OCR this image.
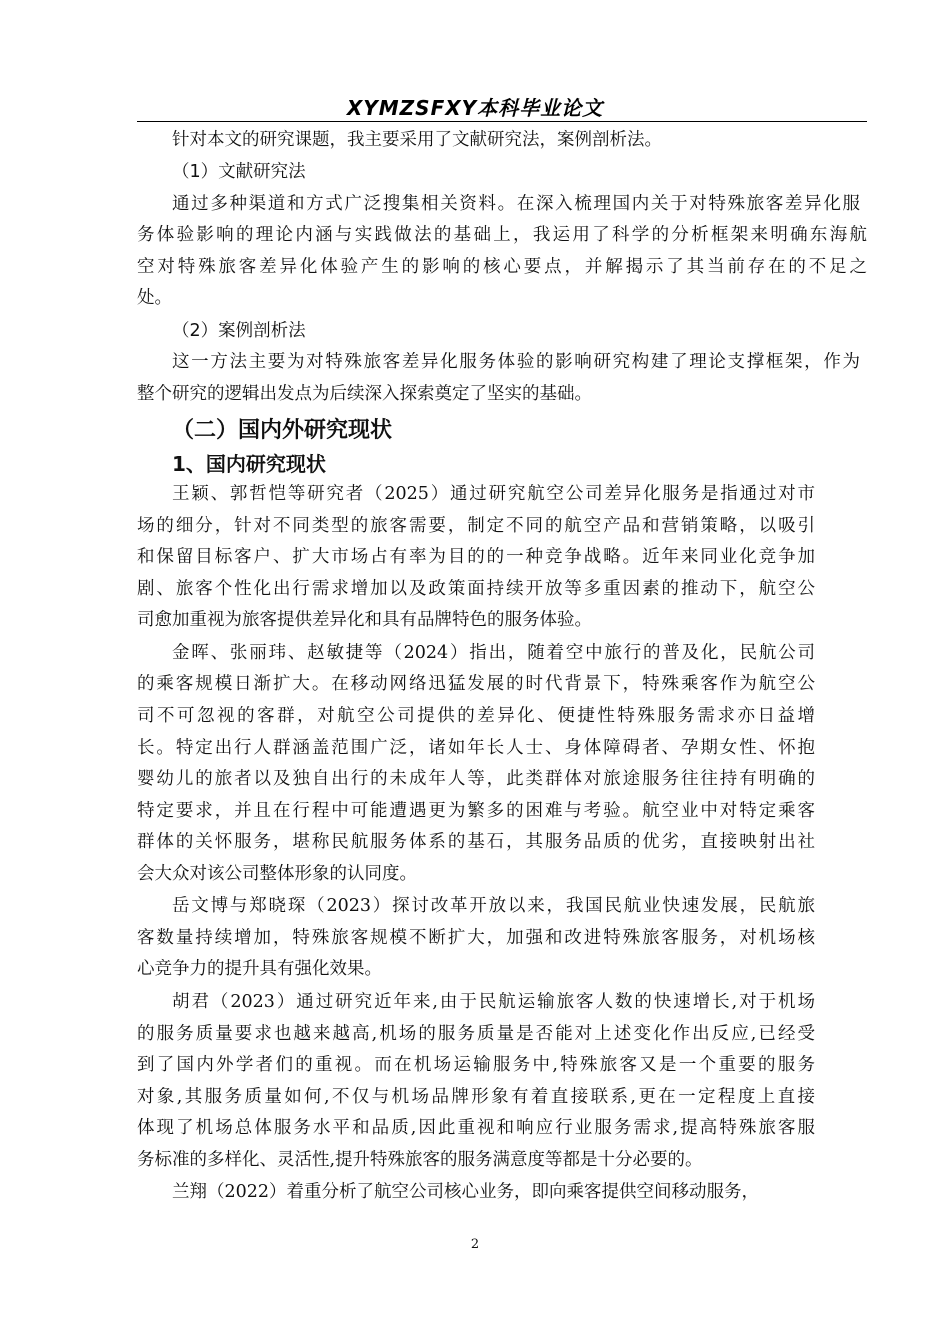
XYMZSFXY本科毕业论文
针对本文的研究课题，我主要采用了文献研究法，案例剖析法。
（1）文献研究法
通过多种渠道和方式广泛搜集相关资料。在深入梳理国内关于对特殊旅客差异化服
务体验影响的理论内涵与实践做法的基础上，我运用了科学的分析框架来明确东海航
空对特殊旅客差异化体验产生的影响的核心要点，并解揭示了其当前存在的不足之
处。
（2）案例剖析法
这一方法主要为对特殊旅客差异化服务体验的影响研究构建了理论支撑框架，作为
整个研究的逻辑出发点为后续深入探索奠定了坚实的基础。
（二）国内外研究现状
1、国内研究现状
王颖、郭哲恺等研究者（2025）通过研究航空公司差异化服务是指通过对市
场的细分，针对不同类型的旅客需要，制定不同的航空产品和营销策略，以吸引
和保留目标客户、扩大市场占有率为目的的一种竞争战略。近年来同业化竞争加
剧、旅客个性化出行需求增加以及政策面持续开放等多重因素的推动下，航空公
司愈加重视为旅客提供差异化和具有品牌特色的服务体验。
金晖、张丽玮、赵敏捷等（2024）指出，随着空中旅行的普及化，民航公司
的乘客规模日渐扩大。在移动网络迅猛发展的时代背景下，特殊乘客作为航空公
司不可忽视的客群，对航空公司提供的差异化、便捷性特殊服务需求亦日益增
长。特定出行人群涵盖范围广泛，诸如年长人士、身体障碍者、孕期女性、怀抱
婴幼儿的旅者以及独自出行的未成年人等，此类群体对旅途服务往往持有明确的
特定要求，并且在行程中可能遭遇更为繁多的困难与考验。航空业中对特定乘客
群体的关怀服务，堪称民航服务体系的基石，其服务品质的优劣，直接映射出社
会大众对该公司整体形象的认同度。
岳文博与郑晓琛（2023）探讨改革开放以来，我国民航业快速发展，民航旅
客数量持续增加，特殊旅客规模不断扩大，加强和改进特殊旅客服务，对机场核
心竞争力的提升具有强化效果。
胡君（2023）通过研究近年来,由于民航运输旅客人数的快速增长,对于机场
的服务质量要求也越来越高,机场的服务质量是否能对上述变化作出反应,已经受
到了国内外学者们的重视。而在机场运输服务中,特殊旅客又是一个重要的服务
对象,其服务质量如何,不仅与机场品牌形象有着直接联系,更在一定程度上直接
体现了机场总体服务水平和品质,因此重视和响应行业服务需求,提高特殊旅客服
务标准的多样化、灵活性,提升特殊旅客的服务满意度等都是十分必要的。
兰翔（2022）着重分析了航空公司核心业务，即向乘客提供空间移动服务，
2
